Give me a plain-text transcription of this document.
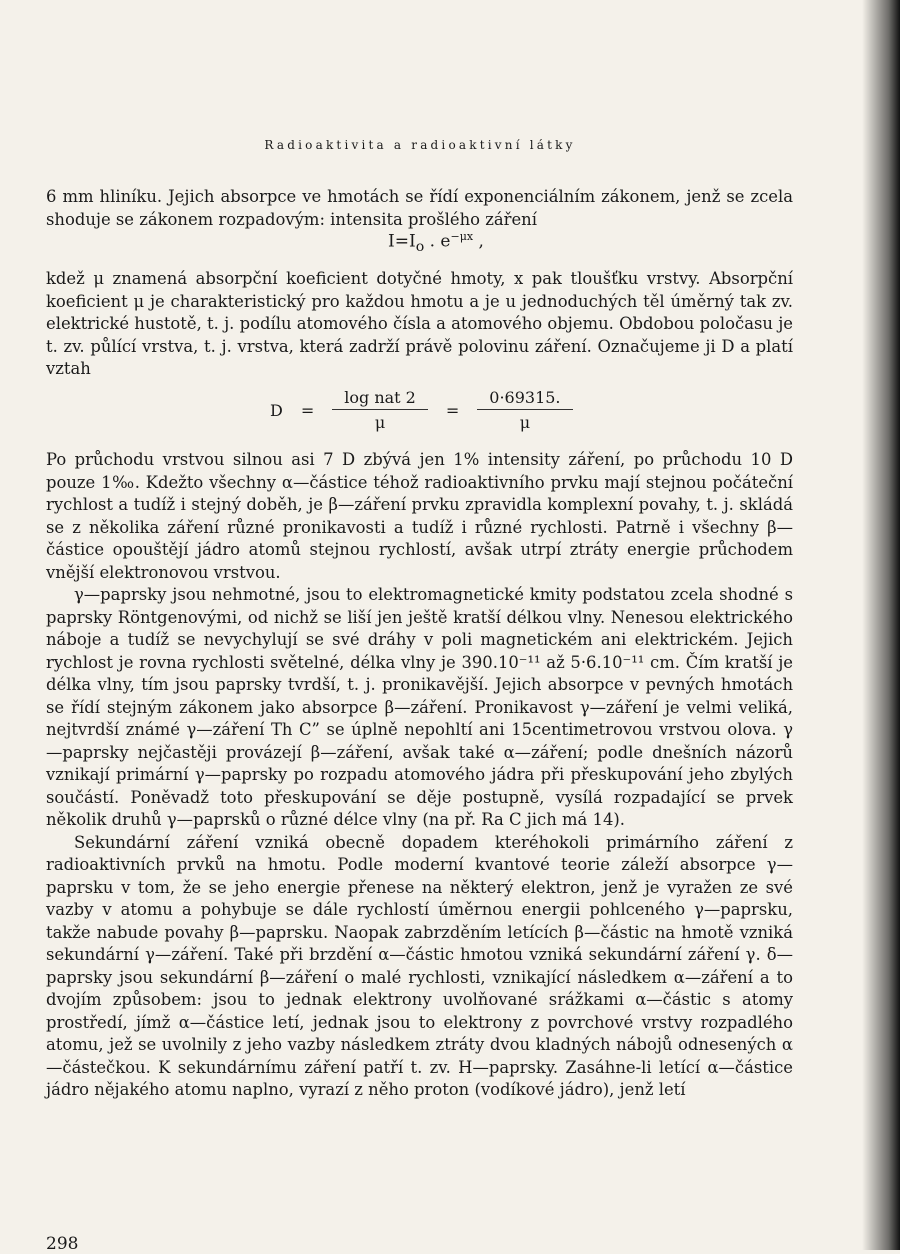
Radioaktivita a radioaktivní látky

6 mm hliníku. Jejich absorpce ve hmotách se řídí exponenciálním zákonem, jenž se zcela shoduje se zákonem rozpadovým: intensita prošlého záření

$I=I_o$ . $e^{-\mu x}$ ,

kdež μ znamená absorpční koeficient dotyčné hmoty, x pak tloušťku vrstvy. Absorpční koeficient μ je charakteristický pro každou hmotu a je u jednoduchých těl úměrný tak zv. elektrické hustotě, t. j. podílu atomového čísla a atomového objemu. Obdobou poločasu je t. zv. půlící vrstva, t. j. vrstva, která zadrží právě polovinu záření. Označujeme ji D a platí vztah

$D = \frac{\text{log nat 2}}{\mu} = \frac{0\cdot 69315.}{\mu}$

Po průchodu vrstvou silnou asi 7 D zbývá jen 1% intensity záření, po průchodu 10 D pouze 1‰. Kdežto všechny α—částice téhož radioaktivního prvku mají stejnou počáteční rychlost a tudíž i stejný doběh, je β—záření prvku zpravidla komplexní povahy, t. j. skládá se z několika záření různé pronikavosti a tudíž i různé rychlosti. Patrně i všechny β—částice opouštějí jádro atomů stejnou rychlostí, avšak utrpí ztráty energie průchodem vnější elektronovou vrstvou.

γ—paprsky jsou nehmotné, jsou to elektromagnetické kmity podstatou zcela shodné s paprsky Röntgenovými, od nichž se liší jen ještě kratší délkou vlny. Nenesou elektrického náboje a tudíž se nevychylují se své dráhy v poli magnetickém ani elektrickém. Jejich rychlost je rovna rychlosti světelné, délka vlny je 390.10⁻¹¹ až 5·6.10⁻¹¹ cm. Čím kratší je délka vlny, tím jsou paprsky tvrdší, t. j. pronikavější. Jejich absorpce v pevných hmotách se řídí stejným zákonem jako absorpce β—záření. Pronikavost γ—záření je velmi veliká, nejtvrdší známé γ—záření Th C” se úplně nepohltí ani 15centimetrovou vrstvou olova. γ—paprsky nejčastěji provázejí β—záření, avšak také α—záření; podle dnešních názorů vznikají primární γ—paprsky po rozpadu atomového jádra při přeskupování jeho zbylých součástí. Poněvadž toto přeskupování se děje postupně, vysílá rozpadající se prvek několik druhů γ—paprsků o různé délce vlny (na př. Ra C jich má 14).

Sekundární záření vzniká obecně dopadem kteréhokoli primárního záření z radioaktivních prvků na hmotu. Podle moderní kvantové teorie záleží absorpce γ—paprsku v tom, že se jeho energie přenese na některý elektron, jenž je vyražen ze své vazby v atomu a pohybuje se dále rychlostí úměrnou energii pohlceného γ—paprsku, takže nabude povahy β—paprsku. Naopak zabrzděním letících β—částic na hmotě vzniká sekundární γ—záření. Také při brzdění α—částic hmotou vzniká sekundární záření γ. δ—paprsky jsou sekundární β—záření o malé rychlosti, vznikající následkem α—záření a to dvojím způsobem: jsou to jednak elektrony uvolňované srážkami α—částic s atomy prostředí, jímž α—částice letí, jednak jsou to elektrony z povrchové vrstvy rozpadlého atomu, jež se uvolnily z jeho vazby následkem ztráty dvou kladných nábojů odnesených α—částečkou. K sekundárnímu záření patří t. zv. H—paprsky. Zasáhne-li letící α—částice jádro nějakého atomu naplno, vyrazí z něho proton (vodíkové jádro), jenž letí

298
